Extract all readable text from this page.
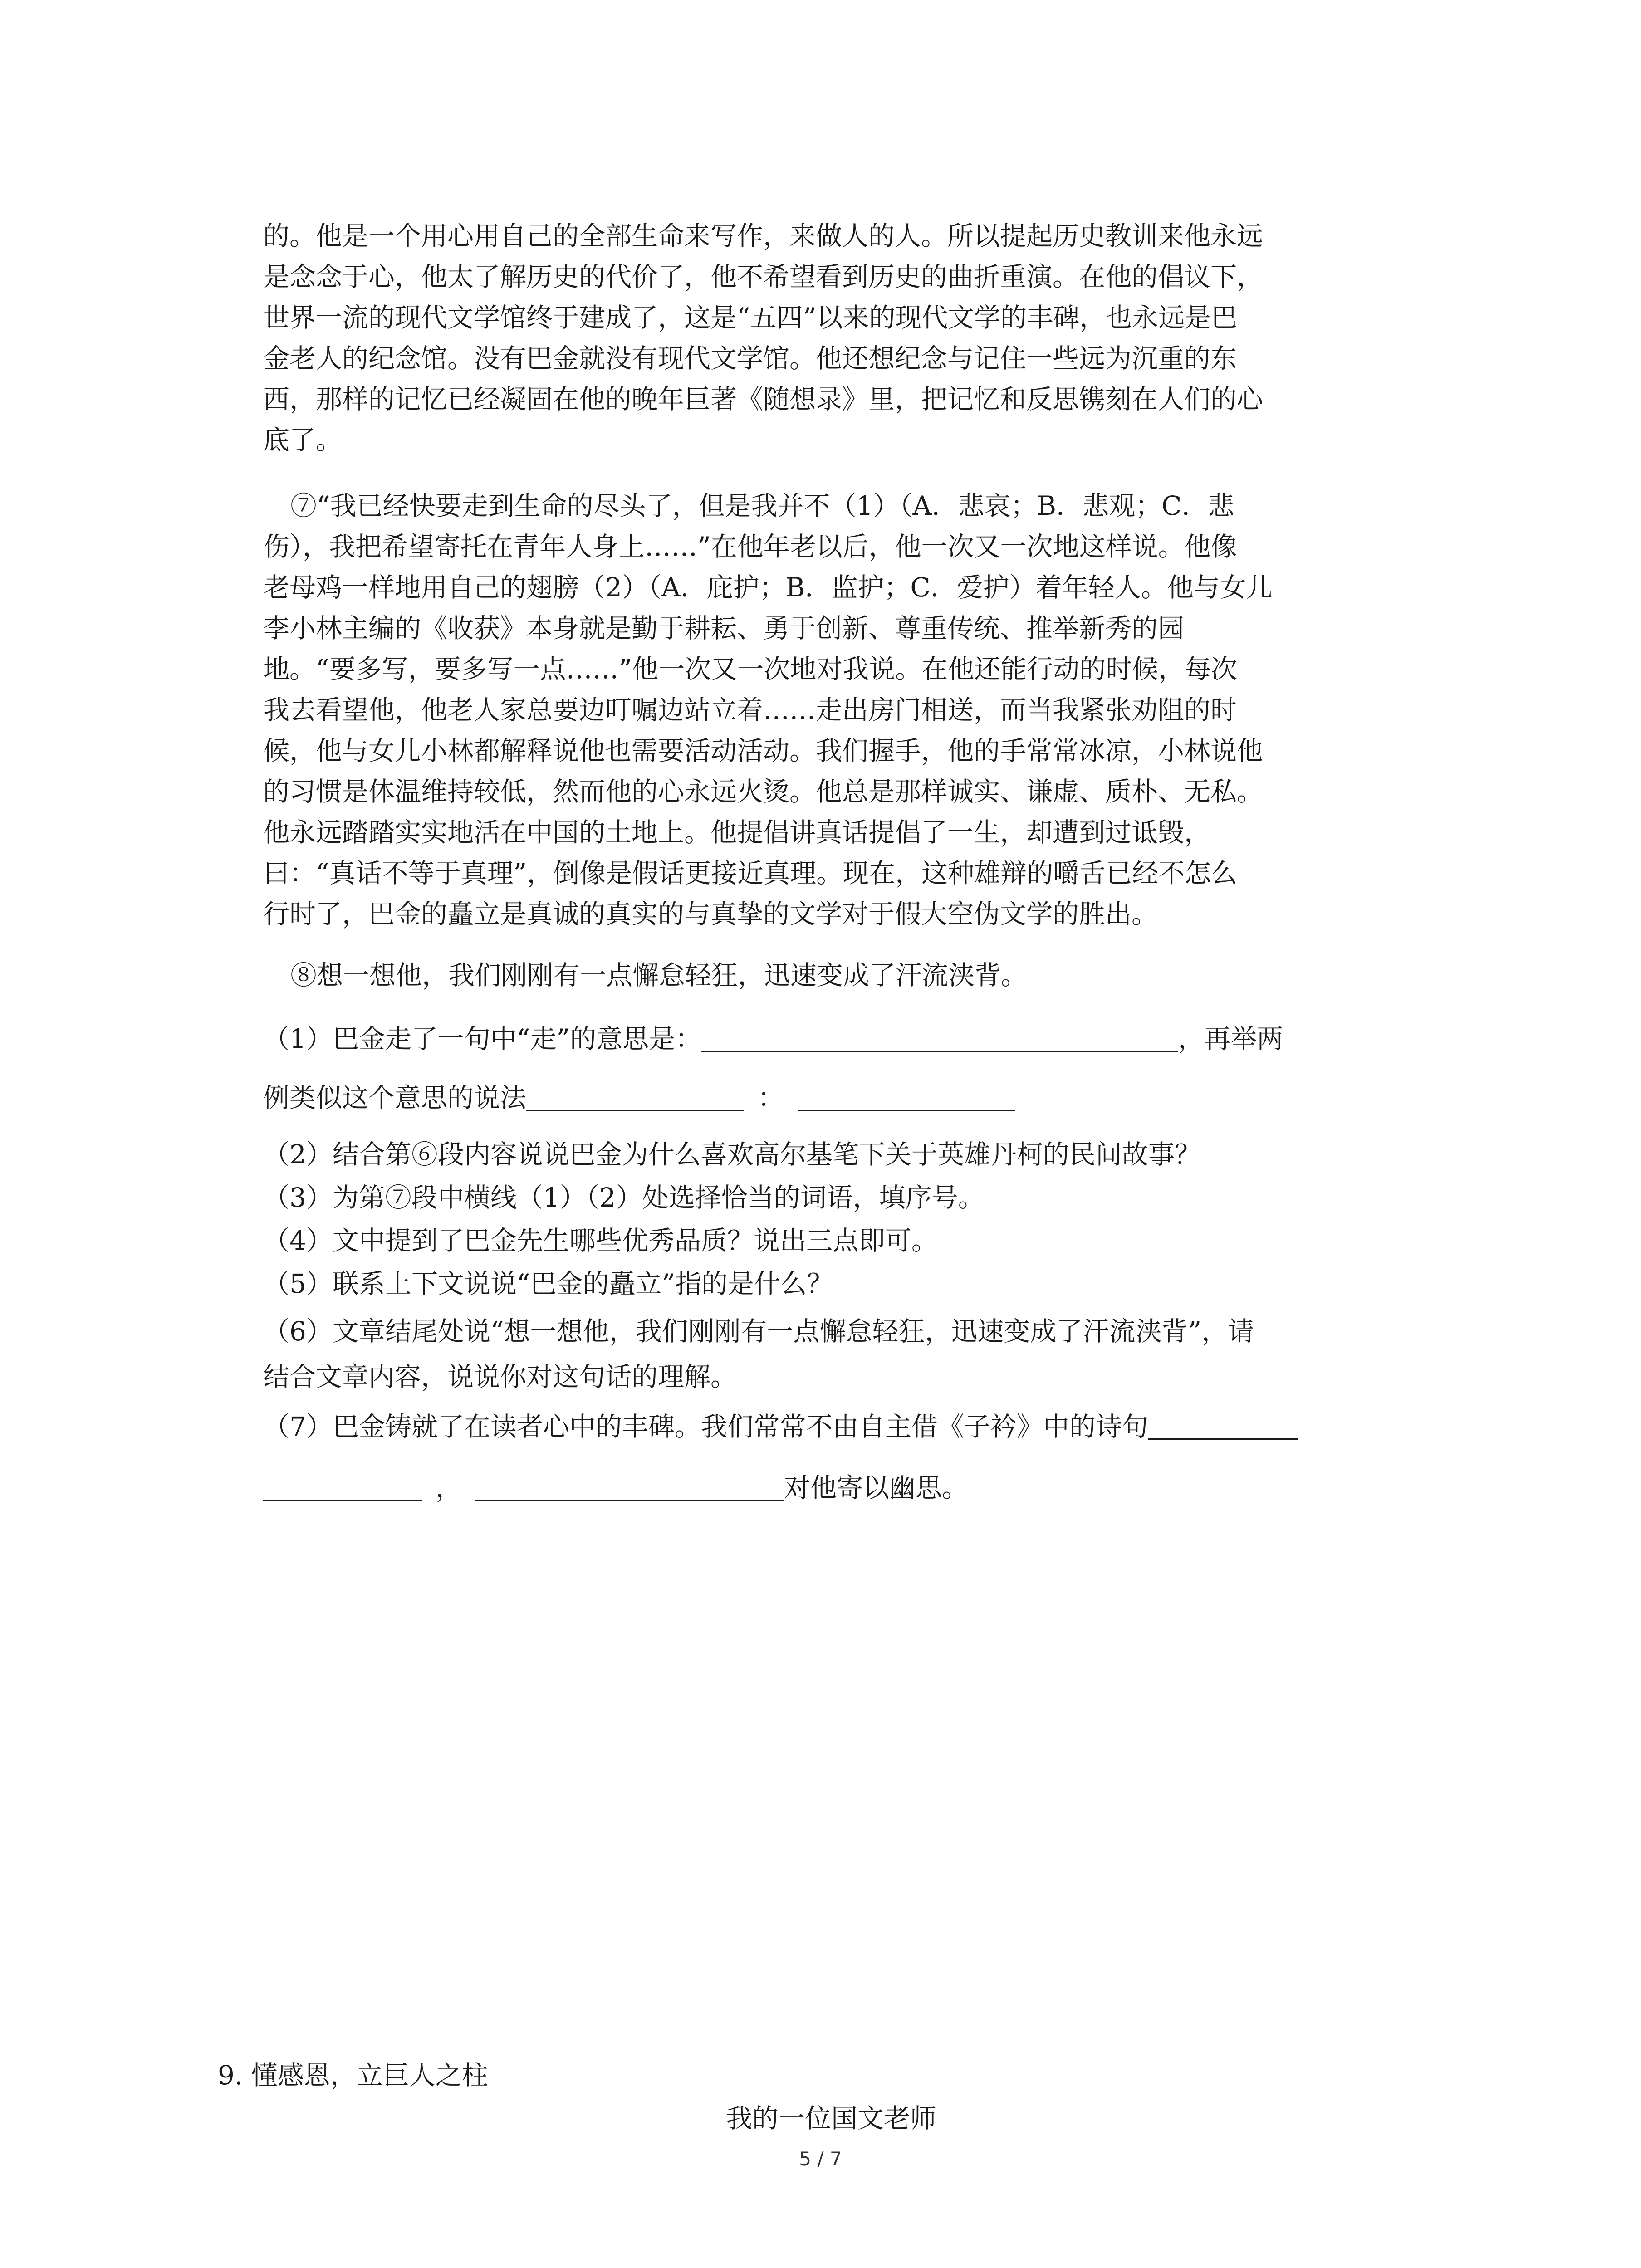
的。他是一个用心用自己的全部生命来写作，来做人的人。所以提起历史教训来他永远
是念念于心，他太了解历史的代价了，他不希望看到历史的曲折重演。在他的倡议下，
世界一流的现代文学馆终于建成了，这是“五四”以来的现代文学的丰碑，也永远是巴
金老人的纪念馆。没有巴金就没有现代文学馆。他还想纪念与记住一些远为沉重的东
西，那样的记忆已经凝固在他的晚年巨著《随想录》里，把记忆和反思镌刻在人们的心
底了。
⑦“我已经快要走到生命的尽头了，但是我并不（1）（A．悲哀；B．悲观；C．悲
伤），我把希望寄托在青年人身上……”在他年老以后，他一次又一次地这样说。他像
老母鸡一样地用自己的翅膀（2）（A．庇护；B．监护；C．爱护）着年轻人。他与女儿
李小林主编的《收获》本身就是勤于耕耘、勇于创新、尊重传统、推举新秀的园
地。“要多写，要多写一点……”他一次又一次地对我说。在他还能行动的时候，每次
我去看望他，他老人家总要边叮嘱边站立着……走出房门相送，而当我紧张劝阻的时
候，他与女儿小林都解释说他也需要活动活动。我们握手，他的手常常冰凉，小林说他
的习惯是体温维持较低，然而他的心永远火烫。他总是那样诚实、谦虚、质朴、无私。
他永远踏踏实实地活在中国的土地上。他提倡讲真话提倡了一生，却遭到过诋毁，
曰：“真话不等于真理”，倒像是假话更接近真理。现在，这种雄辩的嚼舌已经不怎么
行时了，巴金的矗立是真诚的真实的与真挚的文学对于假大空伪文学的胜出。
⑧想一想他，我们刚刚有一点懈怠轻狂，迅速变成了汗流浃背。
（1）巴金走了一句中“走”的意思是：	，再举两
例类似这个意思的说法	：
（2）结合第⑥段内容说说巴金为什么喜欢高尔基笔下关于英雄丹柯的民间故事？
（3）为第⑦段中横线（1）（2）处选择恰当的词语，填序号。
（4）文中提到了巴金先生哪些优秀品质？说出三点即可。
（5）联系上下文说说“巴金的矗立”指的是什么？
（6）文章结尾处说“想一想他，我们刚刚有一点懈怠轻狂，迅速变成了汗流浃背”，请
结合文章内容，说说你对这句话的理解。
（7）巴金铸就了在读者心中的丰碑。我们常常不由自主借《子衿》中的诗句
，	对他寄以幽思。
9. 懂感恩，立巨人之柱
我的一位国文老师
5 / 7
